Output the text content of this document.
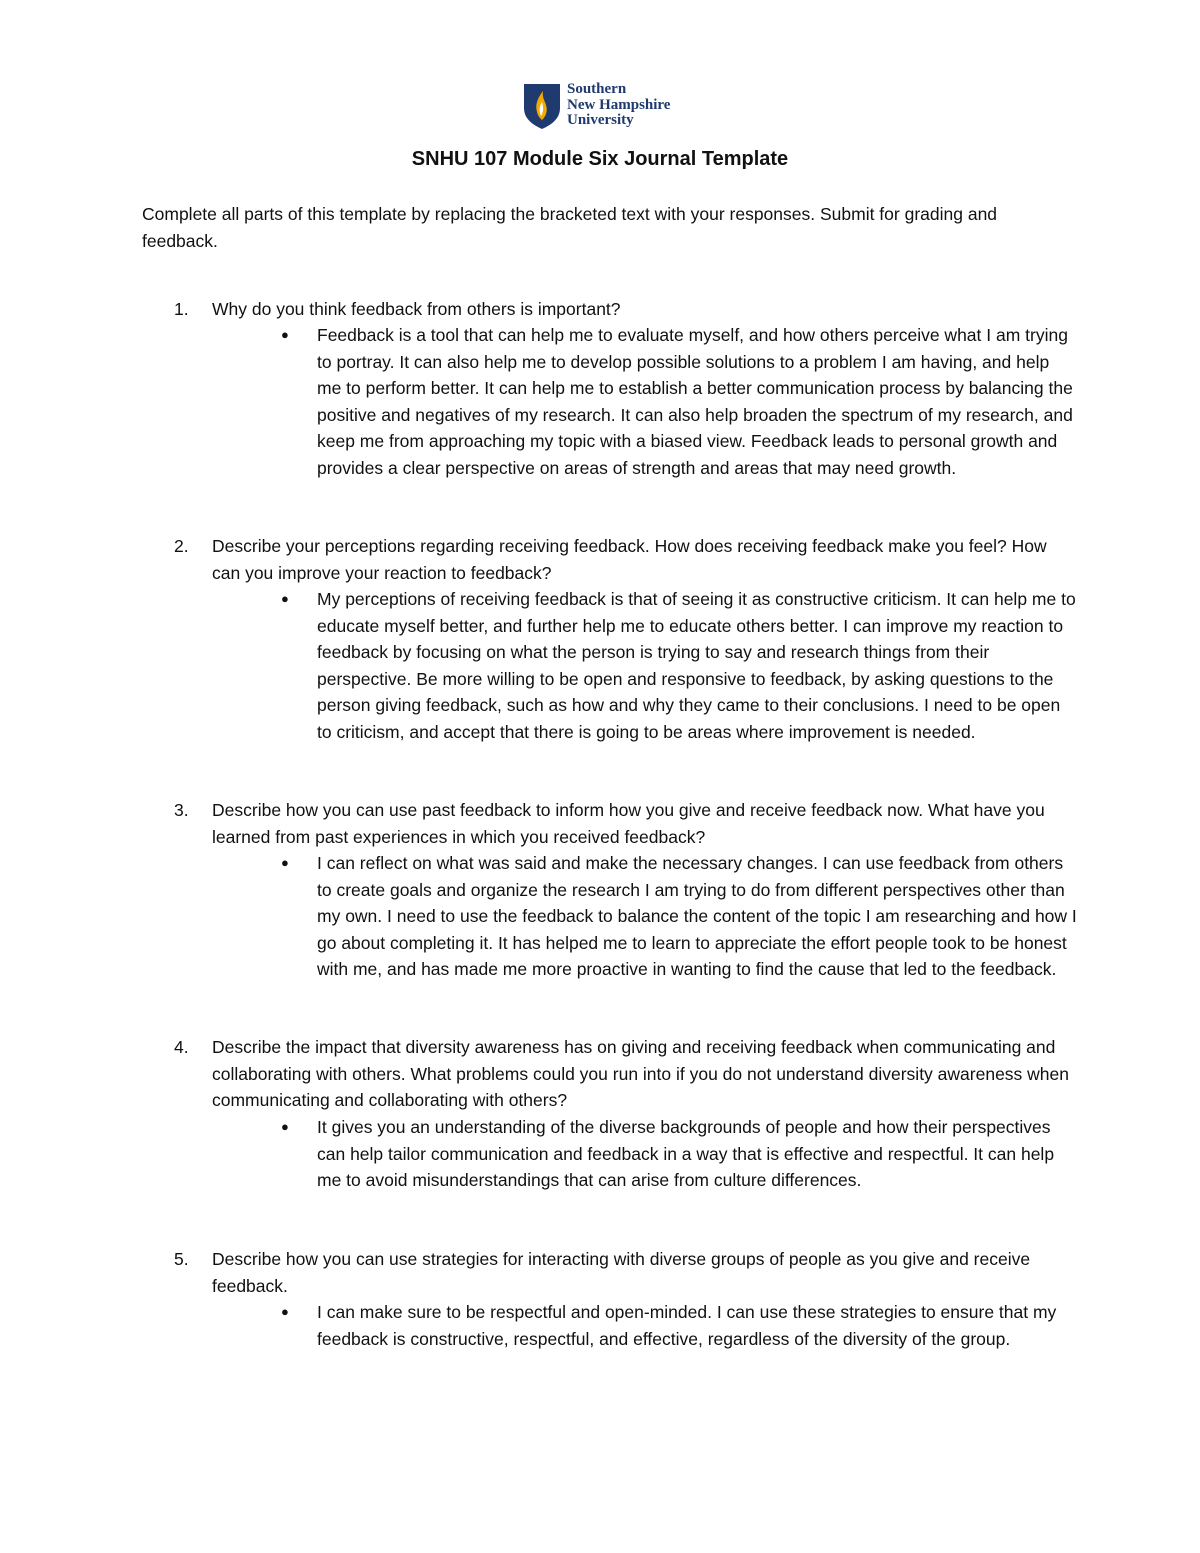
Southern
New Hampshire
University
SNHU 107 Module Six Journal Template

Complete all parts of this template by replacing the bracketed text with your responses. Submit for grading and feedback.

1. Why do you think feedback from others is important?

● Feedback is a tool that can help me to evaluate myself, and how others perceive what I am trying to portray. It can also help me to develop possible solutions to a problem I am having, and help me to perform better. It can help me to establish a better communication process by balancing the positive and negatives of my research. It can also help broaden the spectrum of my research, and keep me from approaching my topic with a biased view. Feedback leads to personal growth and provides a clear perspective on areas of strength and areas that may need growth.

2. Describe your perceptions regarding receiving feedback. How does receiving feedback make you feel? How can you improve your reaction to feedback?

● My perceptions of receiving feedback is that of seeing it as constructive criticism. It can help me to educate myself better, and further help me to educate others better. I can improve my reaction to feedback by focusing on what the person is trying to say and research things from their perspective. Be more willing to be open and responsive to feedback, by asking questions to the person giving feedback, such as how and why they came to their conclusions. I need to be open to criticism, and accept that there is going to be areas where improvement is needed.

3. Describe how you can use past feedback to inform how you give and receive feedback now. What have you learned from past experiences in which you received feedback?

● I can reflect on what was said and make the necessary changes. I can use feedback from others to create goals and organize the research I am trying to do from different perspectives other than my own. I need to use the feedback to balance the content of the topic I am researching and how I go about completing it. It has helped me to learn to appreciate the effort people took to be honest with me, and has made me more proactive in wanting to find the cause that led to the feedback.

4. Describe the impact that diversity awareness has on giving and receiving feedback when communicating and collaborating with others. What problems could you run into if you do not understand diversity awareness when communicating and collaborating with others?

● It gives you an understanding of the diverse backgrounds of people and how their perspectives can help tailor communication and feedback in a way that is effective and respectful. It can help me to avoid misunderstandings that can arise from culture differences.

5. Describe how you can use strategies for interacting with diverse groups of people as you give and receive feedback.

● I can make sure to be respectful and open-minded. I can use these strategies to ensure that my feedback is constructive, respectful, and effective, regardless of the diversity of the group.
